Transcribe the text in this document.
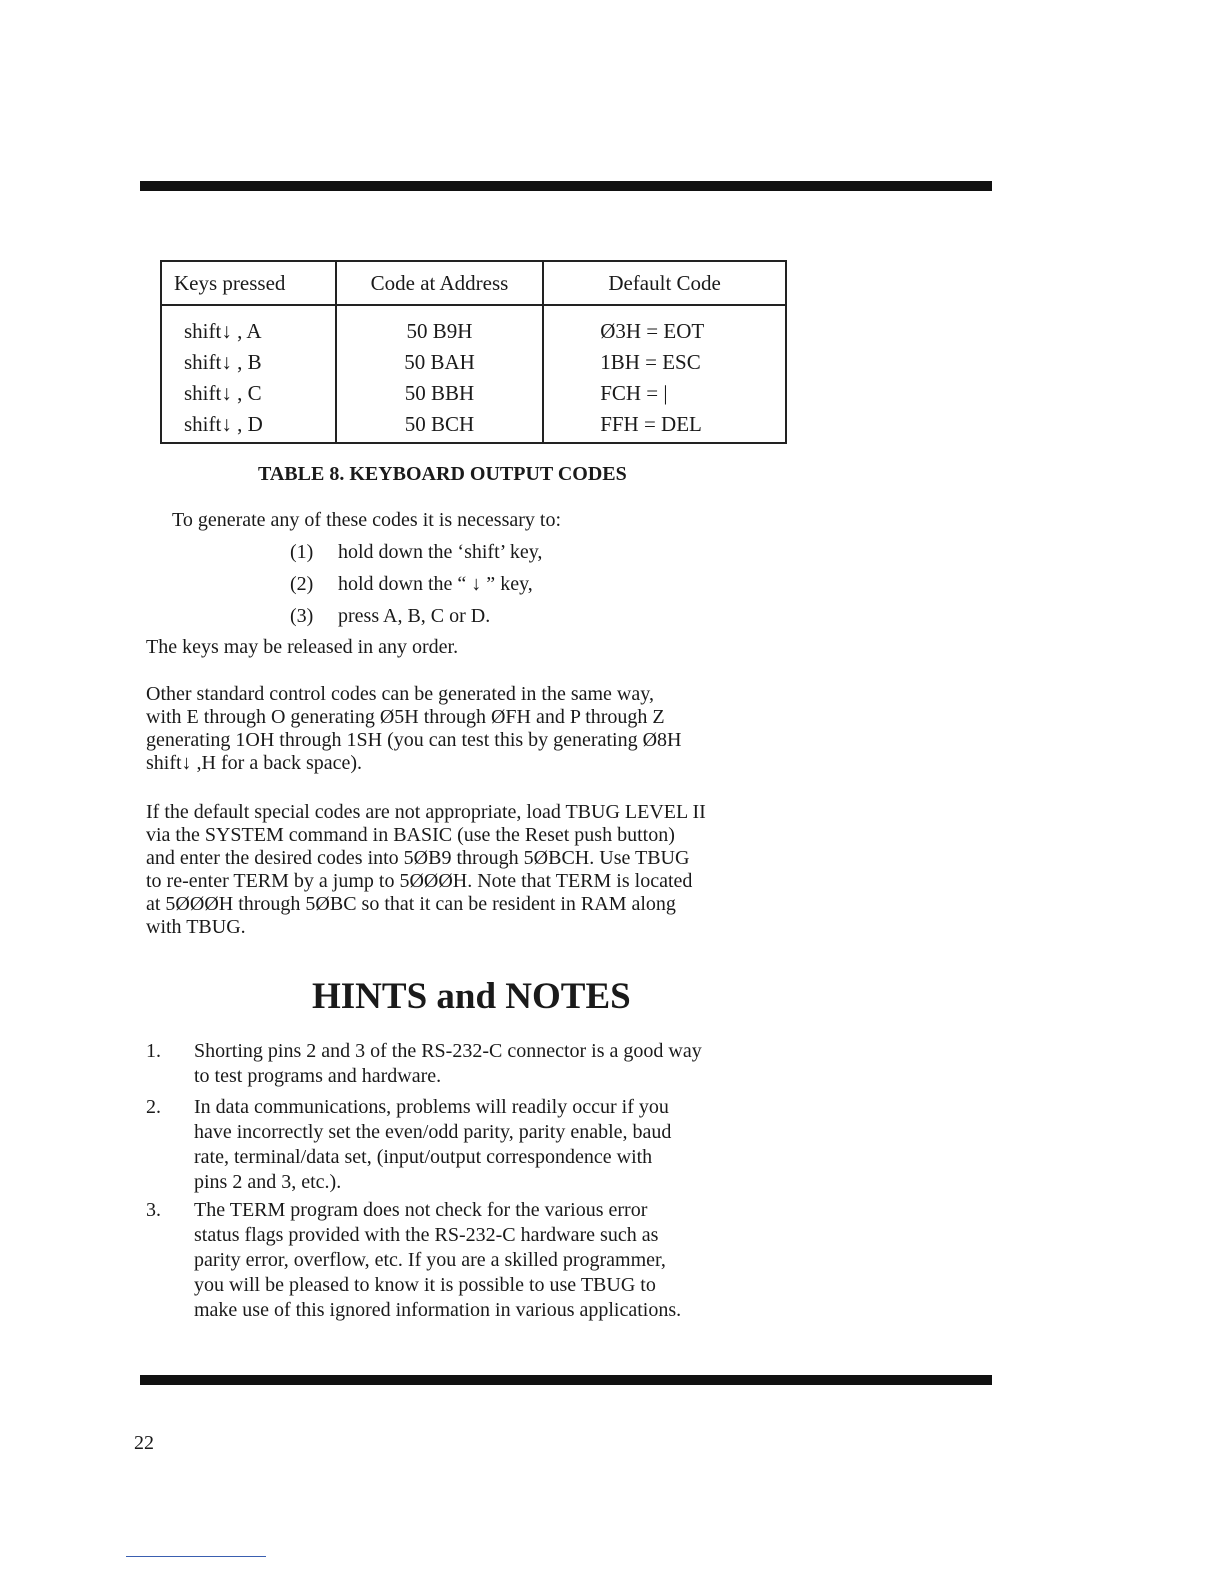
Keys pressed	Code at Address	Default Code
shift↓ , A	50 B9H	Ø3H = EOT
shift↓ , B	50 BAH	1BH = ESC
shift↓ , C	50 BBH	FCH = |
shift↓ , D	50 BCH	FFH = DEL
TABLE 8. KEYBOARD OUTPUT CODES

To generate any of these codes it is necessary to:

(1) hold down the ‘shift’ key,
(2) hold down the “ ↓ ” key,
(3) press A, B, C or D.

The keys may be released in any order.

Other standard control codes can be generated in the same way,
with E through O generating Ø5H through ØFH and P through Z
generating 1OH through 1SH (you can test this by generating Ø8H
shift↓ ,H for a back space).
If the default special codes are not appropriate, load TBUG LEVEL II
via the SYSTEM command in BASIC (use the Reset push button)
and enter the desired codes into 5ØB9 through 5ØBCH. Use TBUG
to re-enter TERM by a jump to 5ØØØH. Note that TERM is located
at 5ØØØH through 5ØBC so that it can be resident in RAM along
with TBUG.
HINTS and NOTES
1. Shorting pins 2 and 3 of the RS-232-C connector is a good way
to test programs and hardware.
2. In data communications, problems will readily occur if you
have incorrectly set the even/odd parity, parity enable, baud
rate, terminal/data set, (input/output correspondence with
pins 2 and 3, etc.).
3. The TERM program does not check for the various error
status flags provided with the RS-232-C hardware such as
parity error, overflow, etc. If you are a skilled programmer,
you will be pleased to know it is possible to use TBUG to
make use of this ignored information in various applications.
22
